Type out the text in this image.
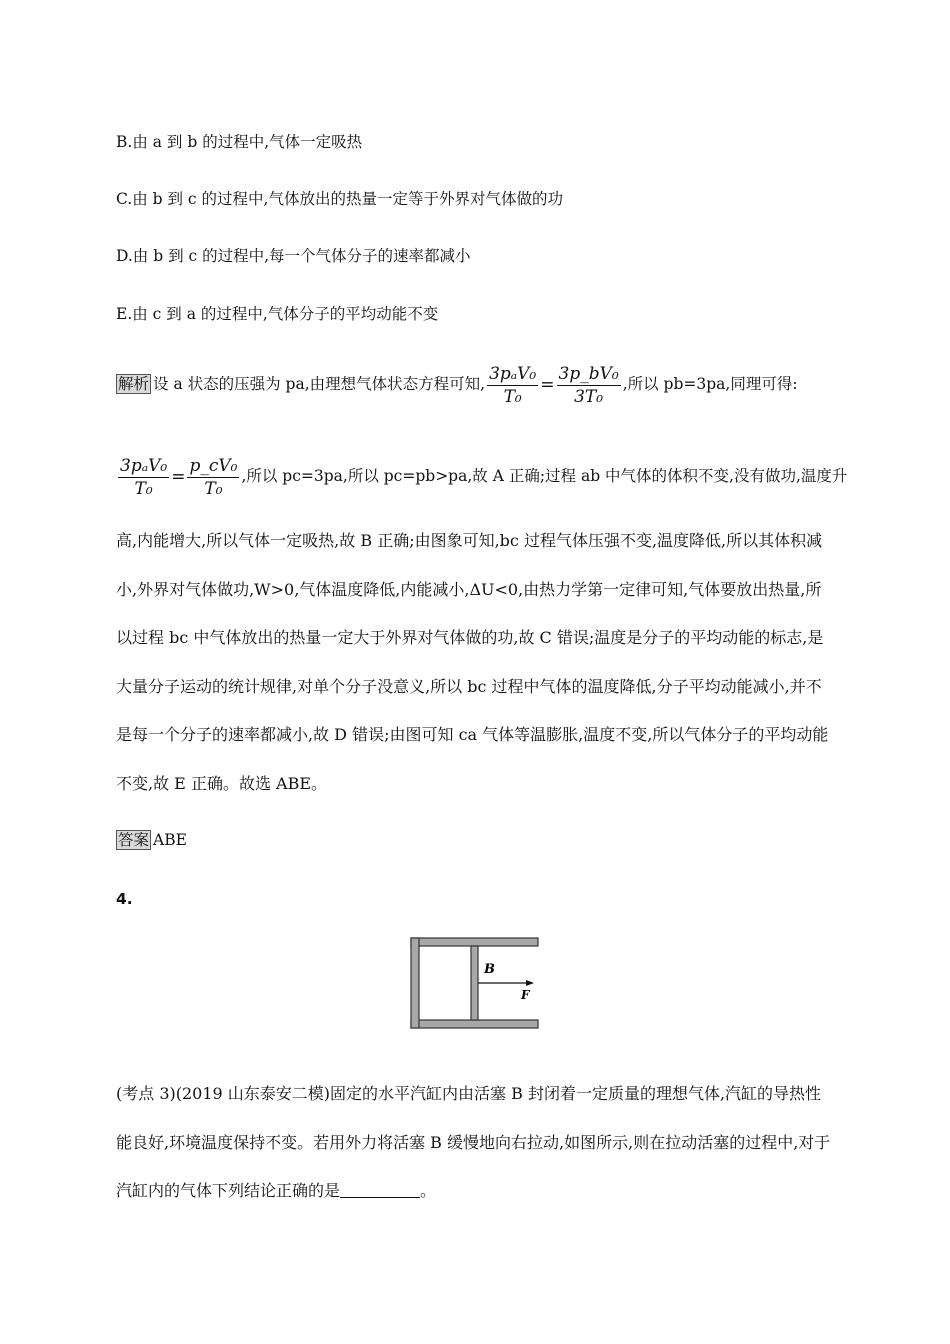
B.由 a 到 b 的过程中,气体一定吸热
C.由 b 到 c 的过程中,气体放出的热量一定等于外界对气体做的功
D.由 b 到 c 的过程中,每一个气体分子的速率都减小
E.由 c 到 a 的过程中,气体分子的平均动能不变
解析 设 a 状态的压强为 pa,由理想气体状态方程可知, $\frac{\text{3pₐV₀}}{\text{T₀}} = \frac{\text{3p\_bV₀}}{\text{3T₀}}$ ,所以 pb=3pa,同理可得:
$\frac{\text{3pₐV₀}}{\text{T₀}} = \frac{\text{p\_cV₀}}{\text{T₀}}$ ,所以 pc=3pa,所以 pc=pb>pa,故 A 正确;过程 ab 中气体的体积不变,没有做功,温度升
高,内能增大,所以气体一定吸热,故 B 正确;由图象可知,bc 过程气体压强不变,温度降低,所以其体积减小,外界对气体做功,W>0,气体温度降低,内能减小,ΔU<0,由热力学第一定律可知,气体要放出热量,所以过程 bc 中气体放出的热量一定大于外界对气体做的功,故 C 错误;温度是分子的平均动能的标志,是大量分子运动的统计规律,对单个分子没意义,所以 bc 过程中气体的温度降低,分子平均动能减小,并不是每一个分子的速率都减小,故 D 错误;由图可知 ca 气体等温膨胀,温度不变,所以气体分子的平均动能不变,故 E 正确。故选 ABE。
答案 ABE
4.
B
F
(考点 3)(2019 山东泰安二模)固定的水平汽缸内由活塞 B 封闭着一定质量的理想气体,汽缸的导热性能良好,环境温度保持不变。若用外力将活塞 B 缓慢地向右拉动,如图所示,则在拉动活塞的过程中,对于汽缸内的气体下列结论正确的是	。
